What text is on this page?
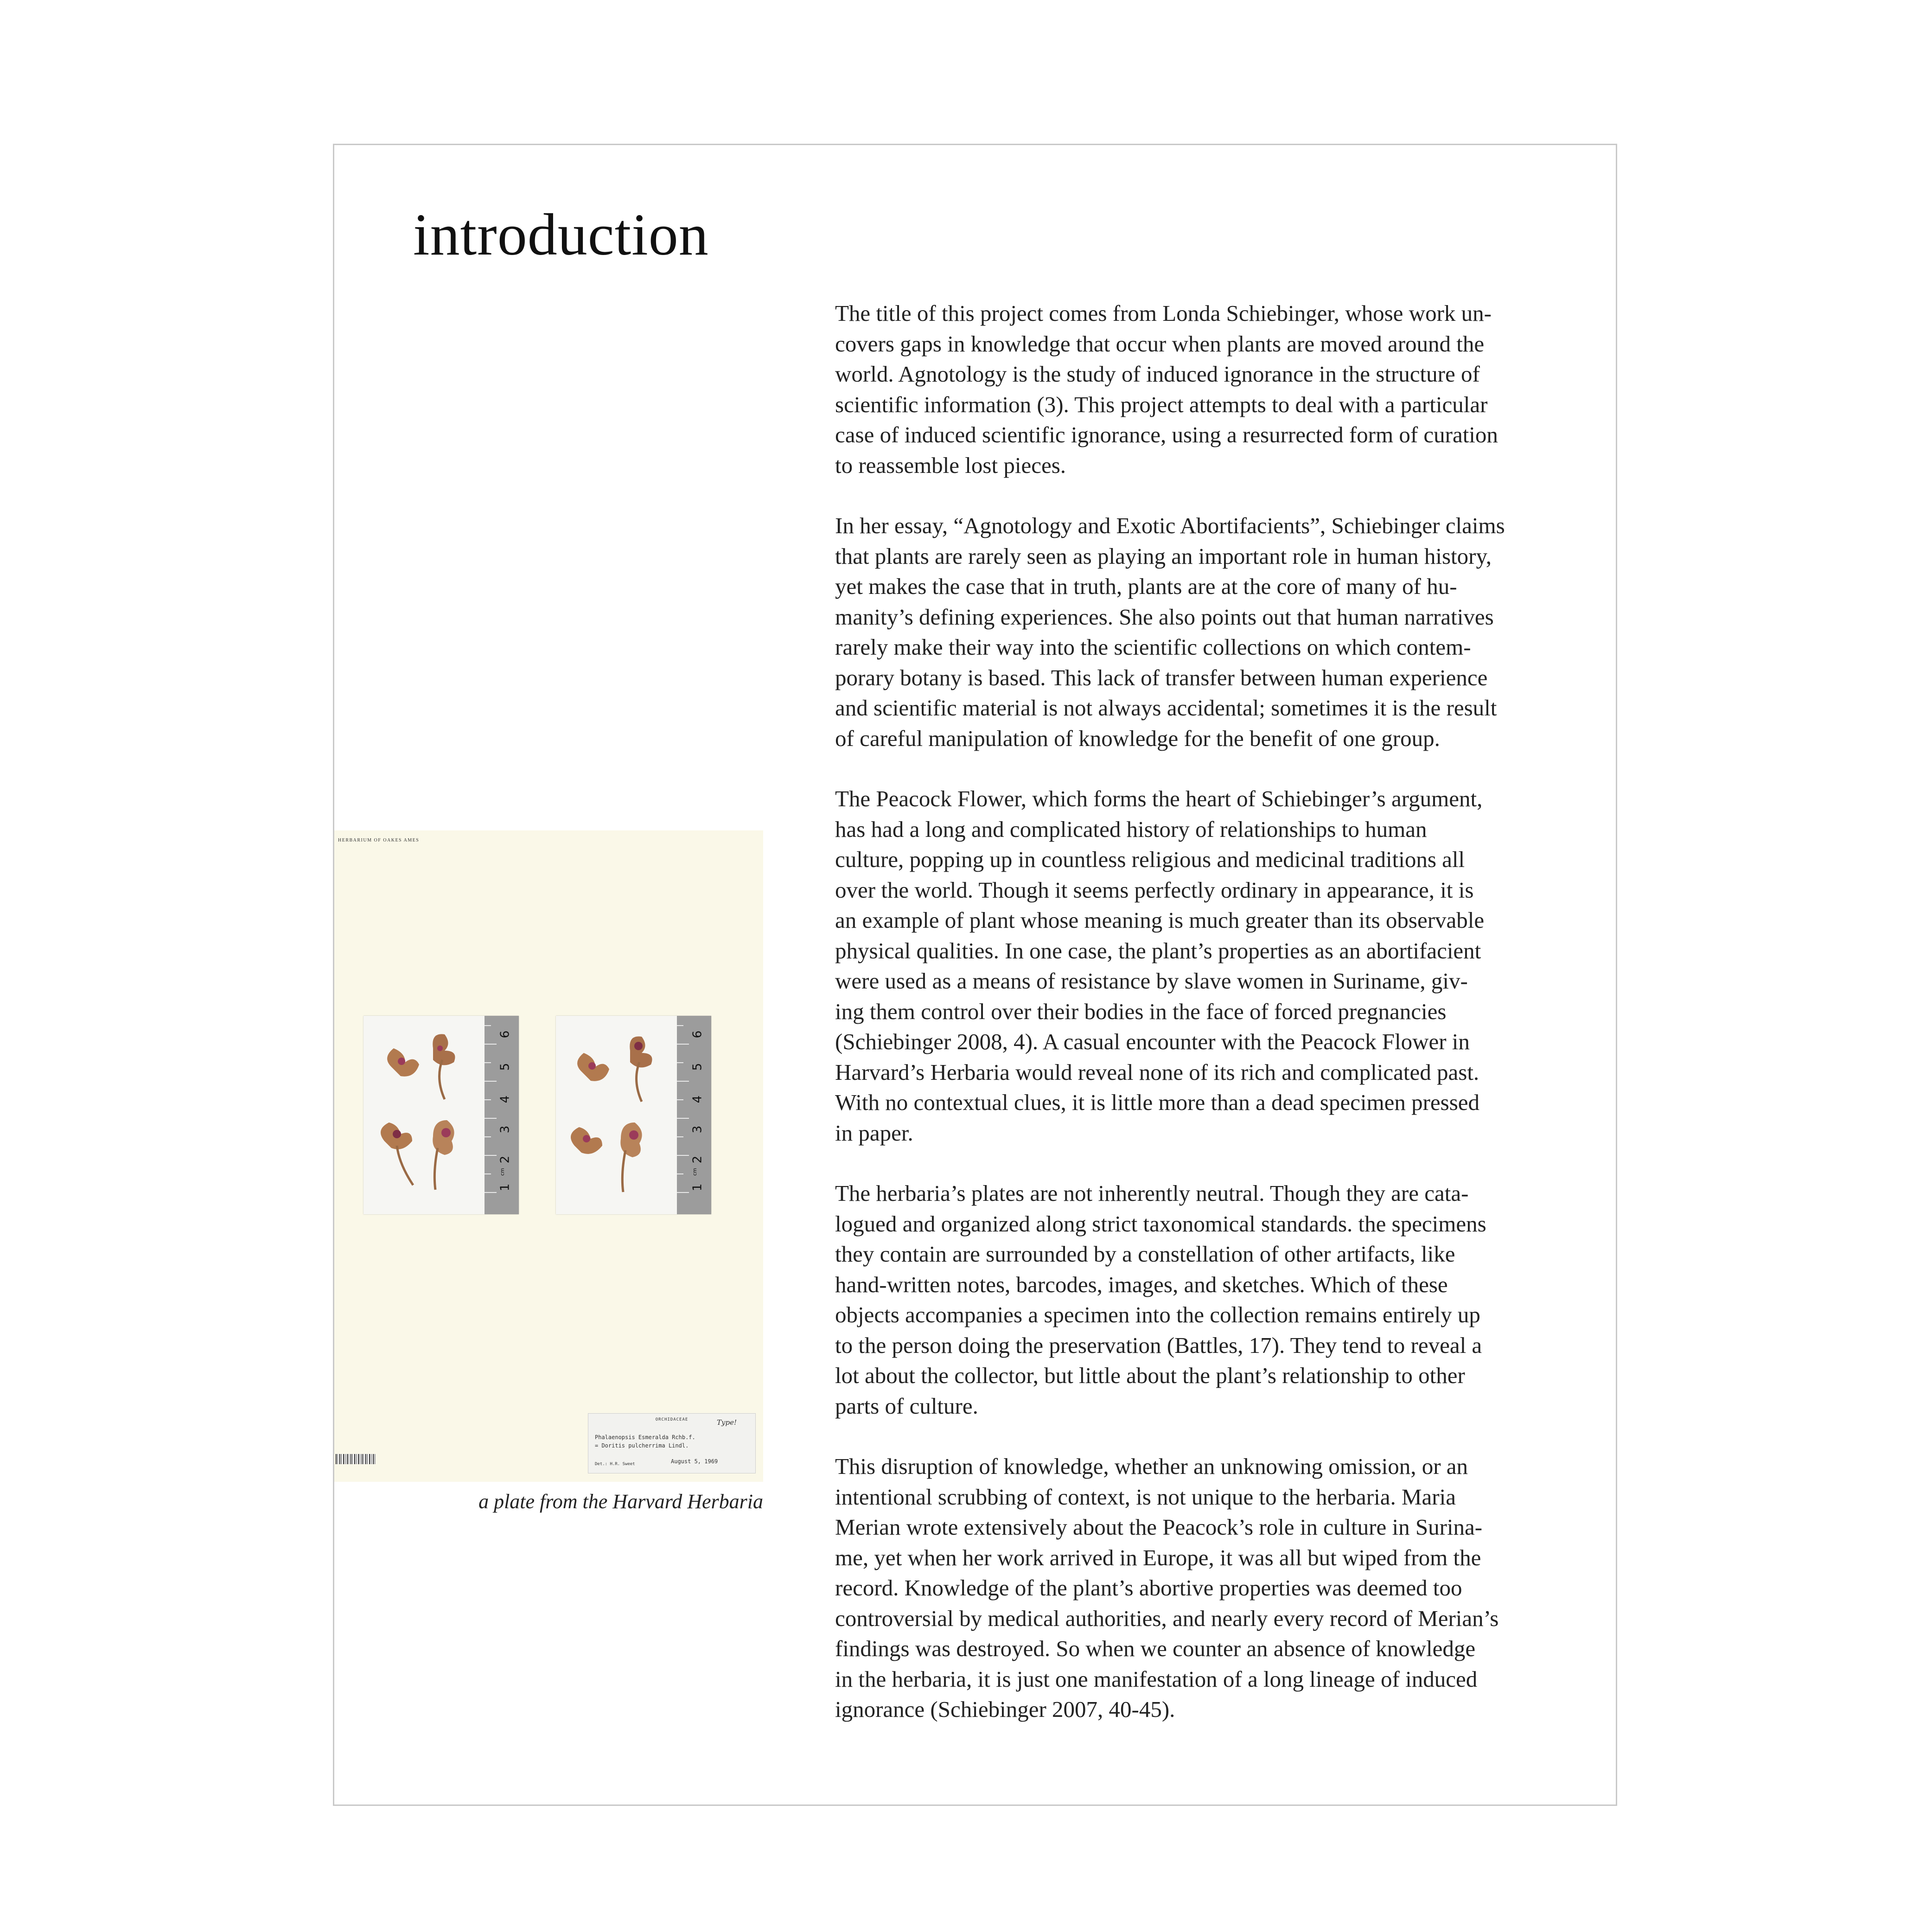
introduction
HERBARIUM OF OAKES AMES
6
5
4
3
2
1
cm
6
5
4
3
2
1
cm
ORCHIDACEAE	Type!
Phalaenopsis Esmeralda Rchb.f.
= Doritis pulcherrima Lindl.
Det.: H.R. Sweet	August 5, 1969
a plate from the Harvard Herbaria

The title of this project comes from Londa Schiebinger, whose work un-
covers gaps in knowledge that occur when plants are moved around the
world. Agnotology is the study of induced ignorance in the structure of
scientific information (3). This project attempts to deal with a particular
case of induced scientific ignorance, using a resurrected form of curation
to reassemble lost pieces.

In her essay, “Agnotology and Exotic Abortifacients”, Schiebinger claims
that plants are rarely seen as playing an important role in human history,
yet makes the case that in truth, plants are at the core of many of hu-
manity’s defining experiences. She also points out that human narratives
rarely make their way into the scientific collections on which contem-
porary botany is based. This lack of transfer between human experience
and scientific material is not always accidental; sometimes it is the result
of careful manipulation of knowledge for the benefit of one group.

The Peacock Flower, which forms the heart of Schiebinger’s argument,
has had a long and complicated history of relationships to human
culture, popping up in countless religious and medicinal traditions all
over the world. Though it seems perfectly ordinary in appearance, it is
an example of plant whose meaning is much greater than its observable
physical qualities. In one case, the plant’s properties as an abortifacient
were used as a means of resistance by slave women in Suriname, giv-
ing them control over their bodies in the face of forced pregnancies
(Schiebinger 2008, 4). A casual encounter with the Peacock Flower in
Harvard’s Herbaria would reveal none of its rich and complicated past.
With no contextual clues, it is little more than a dead specimen pressed
in paper.

The herbaria’s plates are not inherently neutral. Though they are cata-
logued and organized along strict taxonomical standards. the specimens
they contain are surrounded by a constellation of other artifacts, like
hand-written notes, barcodes, images, and sketches. Which of these
objects accompanies a specimen into the collection remains entirely up
to the person doing the preservation (Battles, 17). They tend to reveal a
lot about the collector, but little about the plant’s relationship to other
parts of culture.

This disruption of knowledge, whether an unknowing omission, or an
intentional scrubbing of context, is not unique to the herbaria. Maria
Merian wrote extensively about the Peacock’s role in culture in Surina-
me, yet when her work arrived in Europe, it was all but wiped from the
record. Knowledge of the plant’s abortive properties was deemed too
controversial by medical authorities, and nearly every record of Merian’s
findings was destroyed. So when we counter an absence of knowledge
in the herbaria, it is just one manifestation of a long lineage of induced
ignorance (Schiebinger 2007, 40-45).
